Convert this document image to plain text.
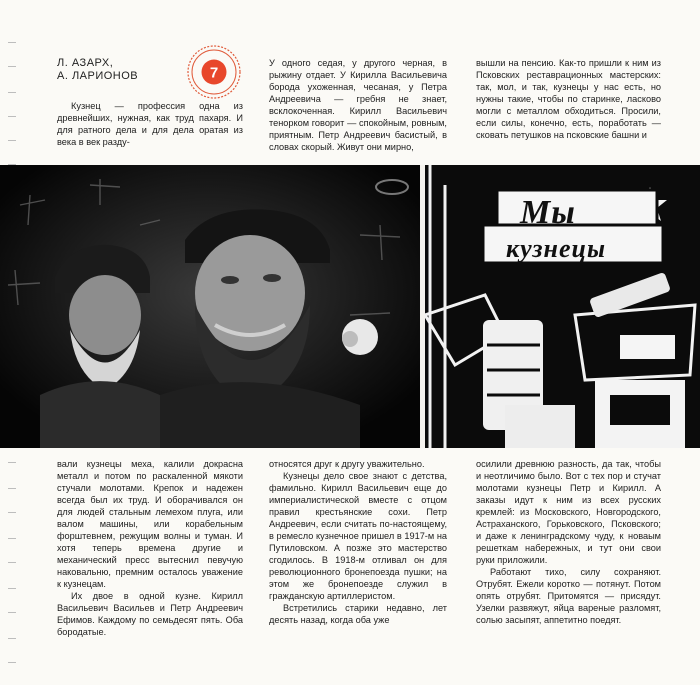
Л. АЗАРХ,
А. ЛАРИОНОВ	7

Кузнец — профессия одна из древнейших, нужная, как труд пахаря. И для ратного дела и для дела оратая из века в век разду-

У одного седая, у другого черная, в рыжину отдает. У Кирилла Васильевича борода ухоженная, чесаная, у Петра Андреевича — гребня не знает, всклокоченная. Кирилл Васильевич тенорком говорит — спокойным, ровным, приятным. Петр Андреевич басистый, в словах скорый. Живут они мирно,

вышли на пенсию. Как-то пришли к ним из Псковских реставрационных мастерских: так, мол, и так, кузнецы у нас есть, но нужны такие, чтобы по старинке, ласково могли с металлом обходиться. Просили, если силы, конечно, есть, поработать — сковать петушков на псковские башни и

Мы
кузнецы

вали кузнецы меха, калили докрасна металл и потом по раскаленной мякоти стучали молотами. Крепок и надежен всегда был их труд. И оборачивался он для людей стальным лемехом плуга, или валом машины, или корабельным форштевнем, режущим волны и туман. И хотя теперь времена другие и механический пресс вытеснил певучую наковальню, премним осталось уважение к кузнецам.

Их двое в одной кузне. Кирилл Васильевич Васильев и Петр Андреевич Ефимов. Каждому по семьдесят пять. Оба бородатые.

относятся друг к другу уважительно.

Кузнецы дело свое знают с детства, фамильно. Кирилл Васильевич еще до империалистической вместе с отцом правил крестьянские сохи. Петр Андреевич, если считать по-настоящему, в ремесло кузнечное пришел в 1917-м на Путиловском. А позже это мастерство сгодилось. В 1918-м отливал он для революционного бронепоезда пушки; на этом же бронепоезде служил в гражданскую артиллеристом.

Встретились старики недавно, лет десять назад, когда оба уже

осилили древнюю разность, да так, чтобы и неотличимо было. Вот с тех пор и стучат молотами кузнецы Петр и Кирилл. А заказы идут к ним из всех русских кремлей: из Московского, Новгородского, Астраханского, Горьковского, Псковского; и даже к ленинградскому чуду, к новаым решеткам набережных, и тут они свои руки приложили.

Работают тихо, силу сохраняют. Отрубят. Ежели коротко — потянут. Потом опять отрубят. Притомятся — присядут. Узелки развяжут, яйца вареные разломят, солью засыпят, аппетитно поедят.
